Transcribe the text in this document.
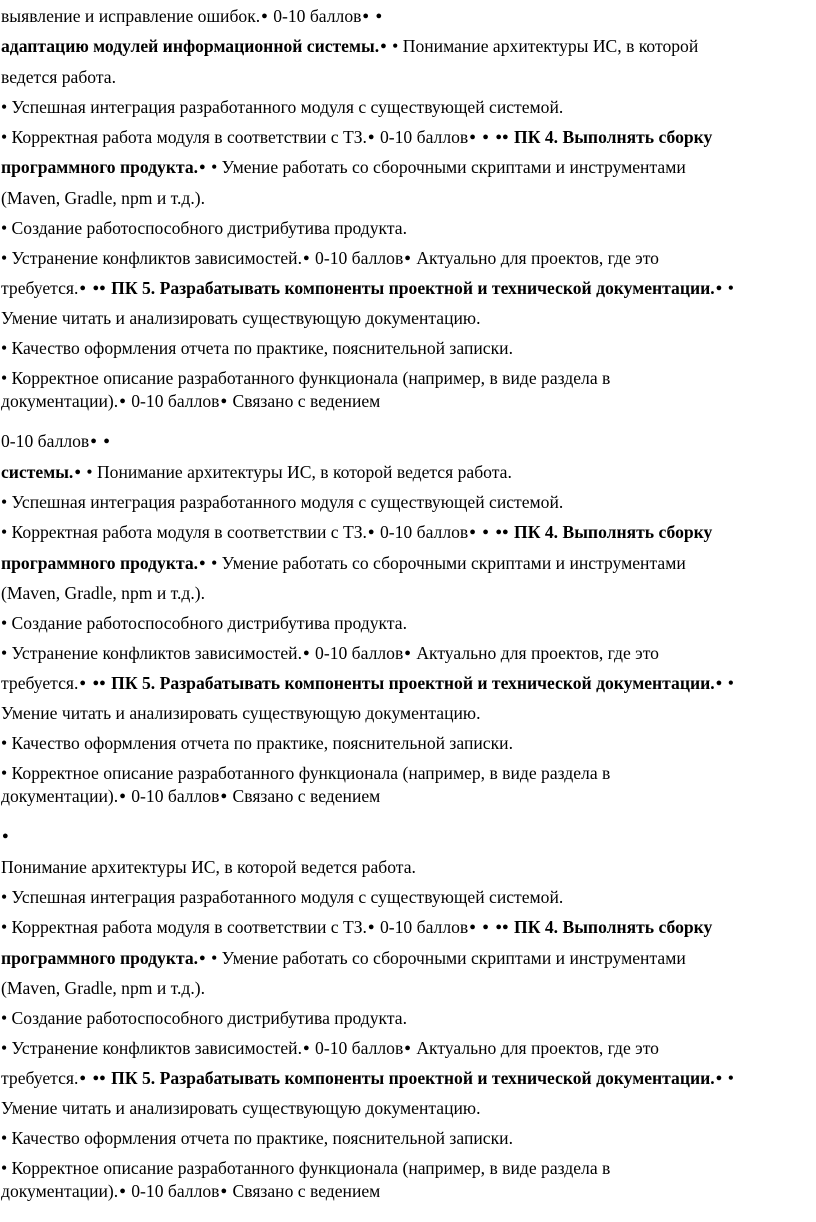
выявление и исправление ошибок.● 0-10 баллов● ●
адаптацию модулей информационной системы.● • Понимание архитектуры ИС, в которой
ведется работа.
• Успешная интеграция разработанного модуля с существующей системой.
• Корректная работа модуля в соответствии с ТЗ.● 0-10 баллов● ● ●● ПК 4. Выполнять сборку
программного продукта.● • Умение работать со сборочными скриптами и инструментами
(Maven, Gradle, npm и т.д.).
• Создание работоспособного дистрибутива продукта.
• Устранение конфликтов зависимостей.● 0-10 баллов● Актуально для проектов, где это
требуется.● ●● ПК 5. Разрабатывать компоненты проектной и технической документации.● •
Умение читать и анализировать существующую документацию.
• Качество оформления отчета по практике, пояснительной записки.
• Корректное описание разработанного функционала (например, в виде раздела в
документации).● 0-10 баллов● Связано с ведением
0-10 баллов● ●
системы.● • Понимание архитектуры ИС, в которой ведется работа.
• Успешная интеграция разработанного модуля с существующей системой.
• Корректная работа модуля в соответствии с ТЗ.● 0-10 баллов● ● ●● ПК 4. Выполнять сборку
программного продукта.● • Умение работать со сборочными скриптами и инструментами
(Maven, Gradle, npm и т.д.).
• Создание работоспособного дистрибутива продукта.
• Устранение конфликтов зависимостей.● 0-10 баллов● Актуально для проектов, где это
требуется.● ●● ПК 5. Разрабатывать компоненты проектной и технической документации.● •
Умение читать и анализировать существующую документацию.
• Качество оформления отчета по практике, пояснительной записки.
• Корректное описание разработанного функционала (например, в виде раздела в
документации).● 0-10 баллов● Связано с ведением
●
Понимание архитектуры ИС, в которой ведется работа.
• Успешная интеграция разработанного модуля с существующей системой.
• Корректная работа модуля в соответствии с ТЗ.● 0-10 баллов● ● ●● ПК 4. Выполнять сборку
программного продукта.● • Умение работать со сборочными скриптами и инструментами
(Maven, Gradle, npm и т.д.).
• Создание работоспособного дистрибутива продукта.
• Устранение конфликтов зависимостей.● 0-10 баллов● Актуально для проектов, где это
требуется.● ●● ПК 5. Разрабатывать компоненты проектной и технической документации.● •
Умение читать и анализировать существующую документацию.
• Качество оформления отчета по практике, пояснительной записки.
• Корректное описание разработанного функционала (например, в виде раздела в
документации).● 0-10 баллов● Связано с ведением
